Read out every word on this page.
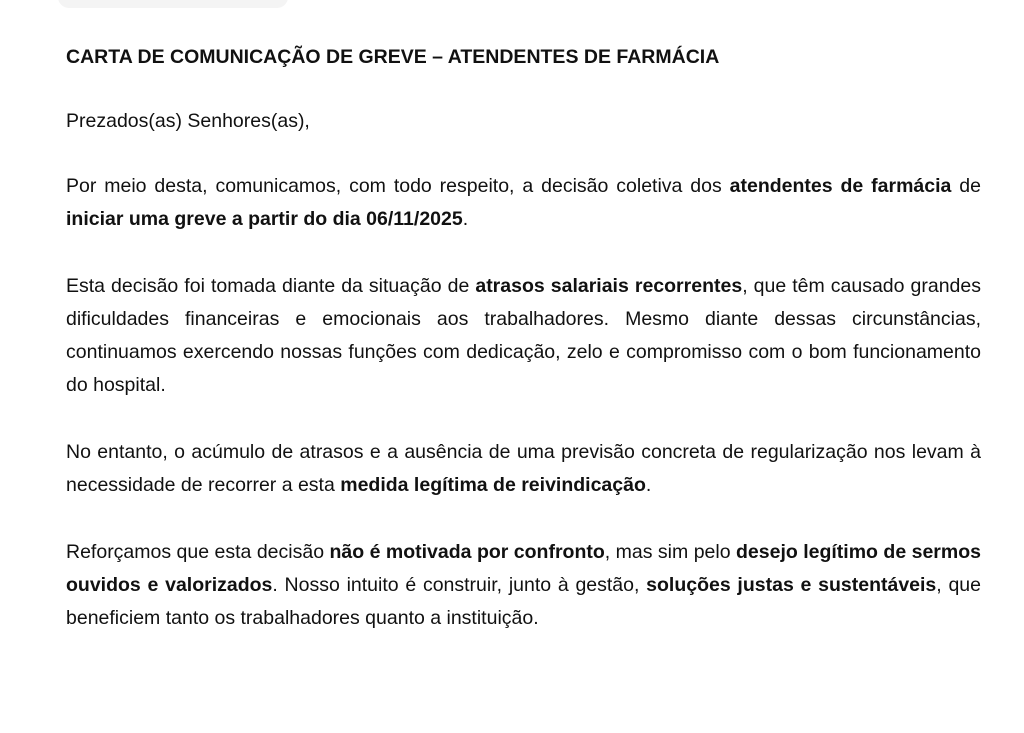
CARTA DE COMUNICAÇÃO DE GREVE – ATENDENTES DE FARMÁCIA

Prezados(as) Senhores(as),

Por meio desta, comunicamos, com todo respeito, a decisão coletiva dos atendentes de farmácia de iniciar uma greve a partir do dia 06/11/2025.

Esta decisão foi tomada diante da situação de atrasos salariais recorrentes, que têm causado grandes dificuldades financeiras e emocionais aos trabalhadores. Mesmo diante dessas circunstâncias, continuamos exercendo nossas funções com dedicação, zelo e compromisso com o bom funcionamento do hospital.

No entanto, o acúmulo de atrasos e a ausência de uma previsão concreta de regularização nos levam à necessidade de recorrer a esta medida legítima de reivindicação.

Reforçamos que esta decisão não é motivada por confronto, mas sim pelo desejo legítimo de sermos ouvidos e valorizados. Nosso intuito é construir, junto à gestão, soluções justas e sustentáveis, que beneficiem tanto os trabalhadores quanto a instituição.
